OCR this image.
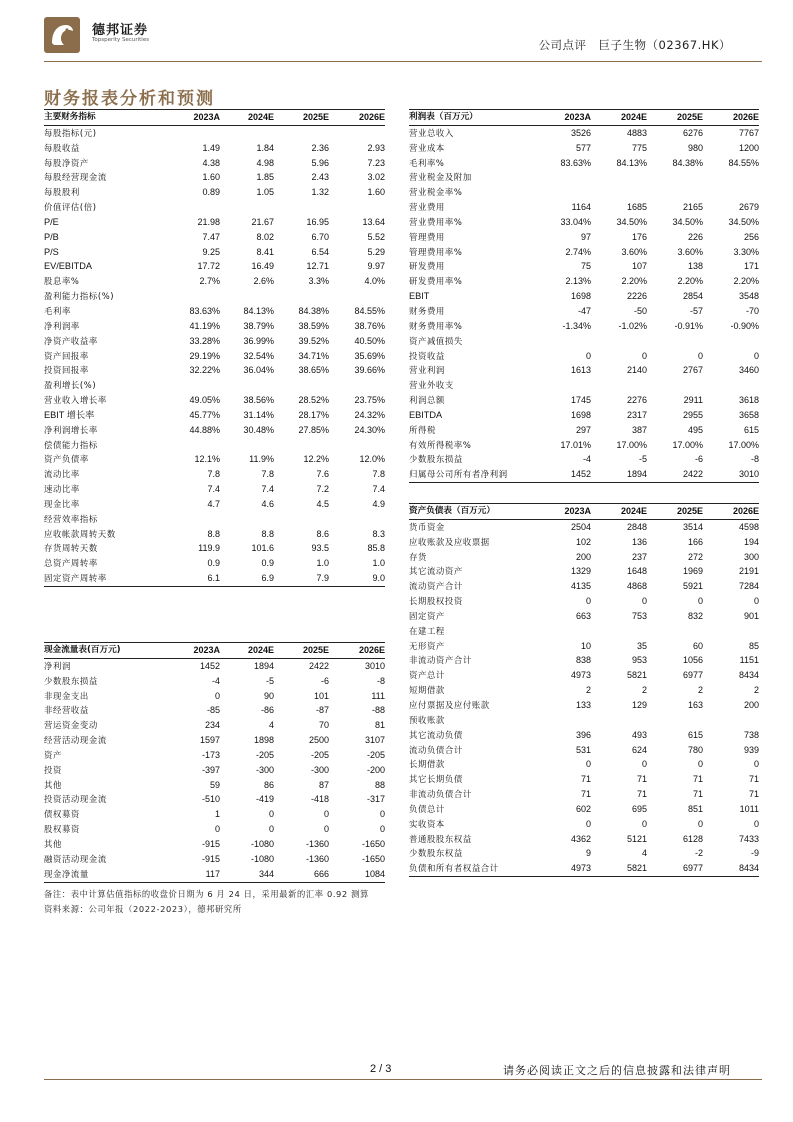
德邦证券
Topsperity Securities	公司点评　巨子生物（02367.HK）
财务报表分析和预测
主要财务指标	2023A	2024E	2025E	2026E
每股指标(元)				
每股收益	1.49	1.84	2.36	2.93
每股净资产	4.38	4.98	5.96	7.23
每股经营现金流	1.60	1.85	2.43	3.02
每股股利	0.89	1.05	1.32	1.60
价值评估(倍)				
P/E	21.98	21.67	16.95	13.64
P/B	7.47	8.02	6.70	5.52
P/S	9.25	8.41	6.54	5.29
EV/EBITDA	17.72	16.49	12.71	9.97
股息率%	2.7%	2.6%	3.3%	4.0%
盈利能力指标(%)				
毛利率	83.63%	84.13%	84.38%	84.55%
净利润率	41.19%	38.79%	38.59%	38.76%
净资产收益率	33.28%	36.99%	39.52%	40.50%
资产回报率	29.19%	32.54%	34.71%	35.69%
投资回报率	32.22%	36.04%	38.65%	39.66%
盈利增长(%)				
营业收入增长率	49.05%	38.56%	28.52%	23.75%
EBIT 增长率	45.77%	31.14%	28.17%	24.32%
净利润增长率	44.88%	30.48%	27.85%	24.30%
偿债能力指标				
资产负债率	12.1%	11.9%	12.2%	12.0%
流动比率	7.8	7.8	7.6	7.8
速动比率	7.4	7.4	7.2	7.4
现金比率	4.7	4.6	4.5	4.9
经营效率指标				
应收帐款周转天数	8.8	8.8	8.6	8.3
存货周转天数	119.9	101.6	93.5	85.8
总资产周转率	0.9	0.9	1.0	1.0
固定资产周转率	6.1	6.9	7.9	9.0
利润表（百万元）	2023A	2024E	2025E	2026E
营业总收入	3526	4883	6276	7767
营业成本	577	775	980	1200
毛利率%	83.63%	84.13%	84.38%	84.55%
营业税金及附加				
营业税金率%				
营业费用	1164	1685	2165	2679
营业费用率%	33.04%	34.50%	34.50%	34.50%
管理费用	97	176	226	256
管理费用率%	2.74%	3.60%	3.60%	3.30%
研发费用	75	107	138	171
研发费用率%	2.13%	2.20%	2.20%	2.20%
EBIT	1698	2226	2854	3548
财务费用	-47	-50	-57	-70
财务费用率%	-1.34%	-1.02%	-0.91%	-0.90%
资产减值损失				
投资收益	0	0	0	0
营业利润	1613	2140	2767	3460
营业外收支				
利润总额	1745	2276	2911	3618
EBITDA	1698	2317	2955	3658
所得税	297	387	495	615
有效所得税率%	17.01%	17.00%	17.00%	17.00%
少数股东损益	-4	-5	-6	-8
归属母公司所有者净利润	1452	1894	2422	3010
资产负债表（百万元）	2023A	2024E	2025E	2026E
货币资金	2504	2848	3514	4598
应收账款及应收票据	102	136	166	194
存货	200	237	272	300
其它流动资产	1329	1648	1969	2191
流动资产合计	4135	4868	5921	7284
长期股权投资	0	0	0	0
固定资产	663	753	832	901
在建工程				
无形资产	10	35	60	85
非流动资产合计	838	953	1056	1151
资产总计	4973	5821	6977	8434
短期借款	2	2	2	2
应付票据及应付账款	133	129	163	200
预收账款				
其它流动负债	396	493	615	738
流动负债合计	531	624	780	939
长期借款	0	0	0	0
其它长期负债	71	71	71	71
非流动负债合计	71	71	71	71
负债总计	602	695	851	1011
实收资本	0	0	0	0
普通股股东权益	4362	5121	6128	7433
少数股东权益	9	4	-2	-9
负债和所有者权益合计	4973	5821	6977	8434
现金流量表(百万元)	2023A	2024E	2025E	2026E
净利润	1452	1894	2422	3010
少数股东损益	-4	-5	-6	-8
非现金支出	0	90	101	111
非经营收益	-85	-86	-87	-88
营运资金变动	234	4	70	81
经营活动现金流	1597	1898	2500	3107
资产	-173	-205	-205	-205
投资	-397	-300	-300	-200
其他	59	86	87	88
投资活动现金流	-510	-419	-418	-317
债权募资	1	0	0	0
股权募资	0	0	0	0
其他	-915	-1080	-1360	-1650
融资活动现金流	-915	-1080	-1360	-1650
现金净流量	117	344	666	1084
备注：表中计算估值指标的收盘价日期为 6 月 24 日，采用最新的汇率 0.92 测算
资料来源：公司年报（2022-2023），德邦研究所
2 / 3	请务必阅读正文之后的信息披露和法律声明
